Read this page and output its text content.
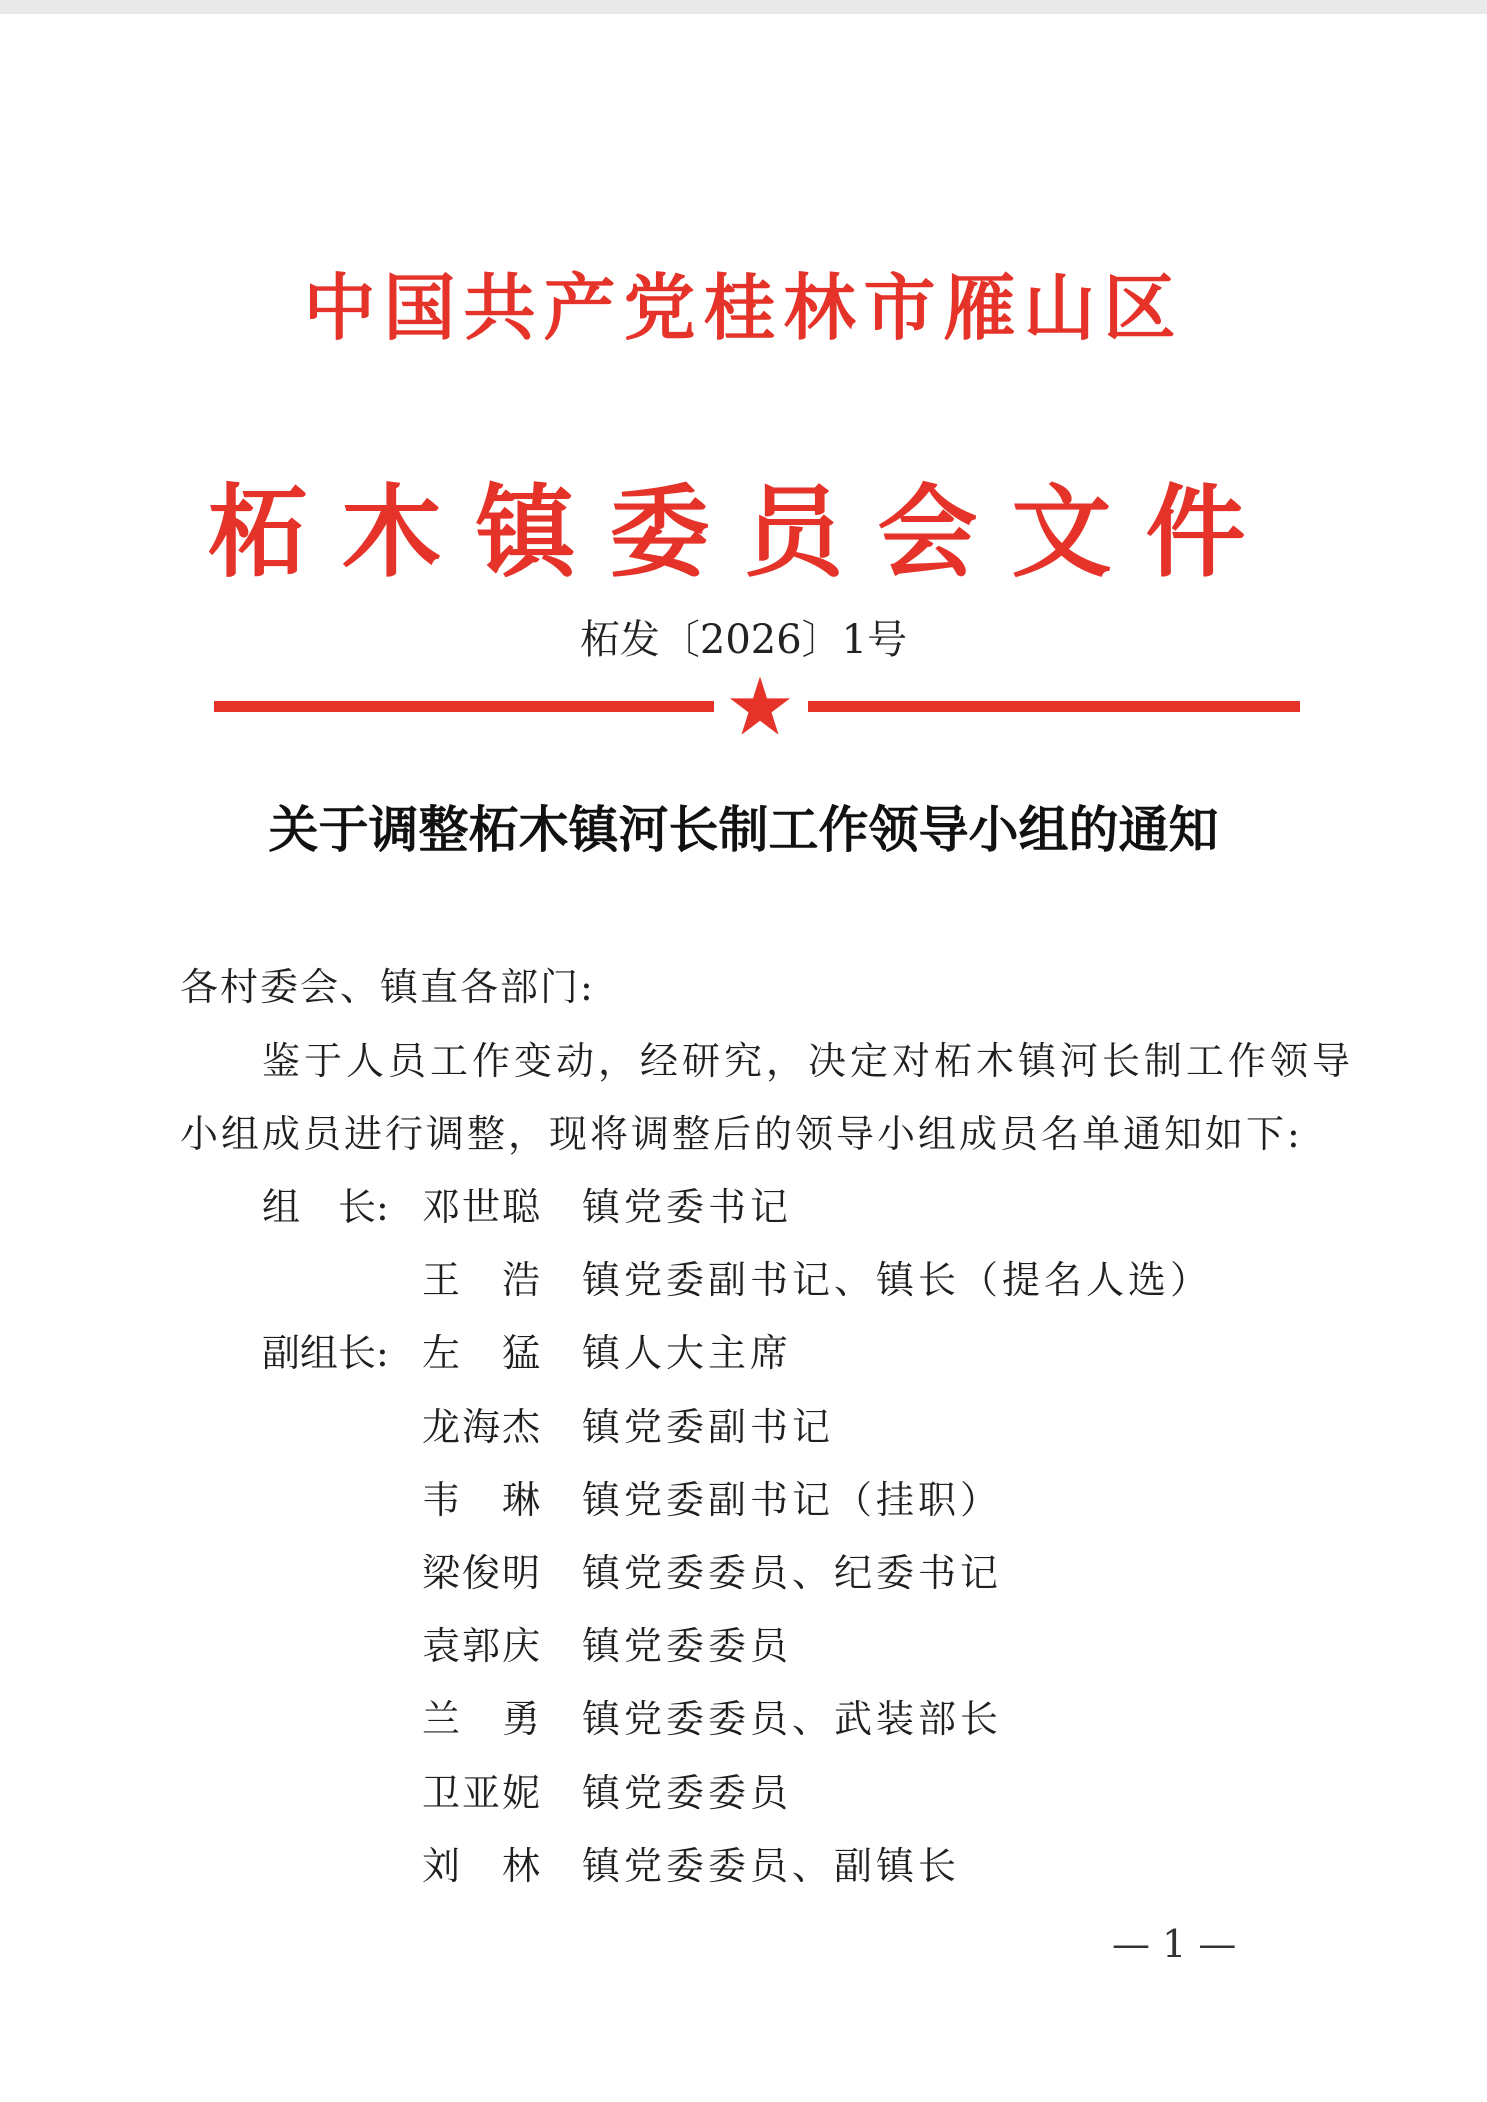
中国共产党桂林市雁山区
柘木镇委员会文件
柘发〔2026〕1号
关于调整柘木镇河长制工作领导小组的通知
各村委会、镇直各部门:
鉴于人员工作变动，经研究，决定对柘木镇河长制工作领导
小组成员进行调整，现将调整后的领导小组成员名单通知如下:
组　长: 邓世聪 镇党委书记
王　浩 镇党委副书记、镇长（提名人选）
副组长: 左　猛 镇人大主席
龙海杰 镇党委副书记
韦　琳 镇党委副书记（挂职）
梁俊明 镇党委委员、纪委书记
袁郭庆 镇党委委员
兰　勇 镇党委委员、武装部长
卫亚妮 镇党委委员
刘　林 镇党委委员、副镇长
— 1 —
